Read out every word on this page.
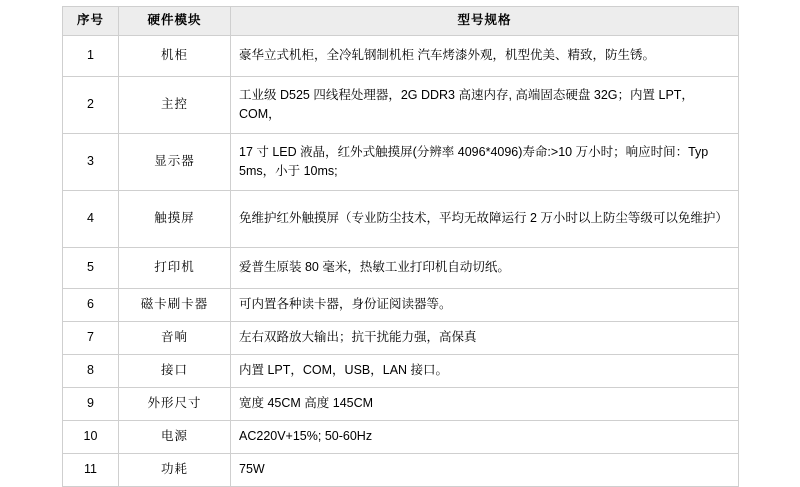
序号	硬件模块	型号规格
1	机柜	豪华立式机柜，全冷轧钢制机柜 汽车烤漆外观，机型优美、精致，防生锈。
2	主控	工业级 D525 四线程处理器，2G DDR3 高速内存, 高端固态硬盘 32G；内置 LPT，COM，
3	显示器	17 寸 LED 液晶，红外式触摸屏(分辨率 4096*4096)寿命:>10 万小时；响应时间：Typ 5ms，小于 10ms;
4	触摸屏	免维护红外触摸屏（专业防尘技术，平均无故障运行 2 万小时以上防尘等级可以免维护）
5	打印机	爱普生原装 80 毫米，热敏工业打印机自动切纸。
6	磁卡刷卡器	可内置各种读卡器，身份证阅读器等。
7	音响	左右双路放大输出；抗干扰能力强，高保真
8	接口	内置 LPT，COM，USB，LAN 接口。
9	外形尺寸	宽度 45CM 高度 145CM
10	电源	AC220V+15%; 50-60Hz
11	功耗	75W
